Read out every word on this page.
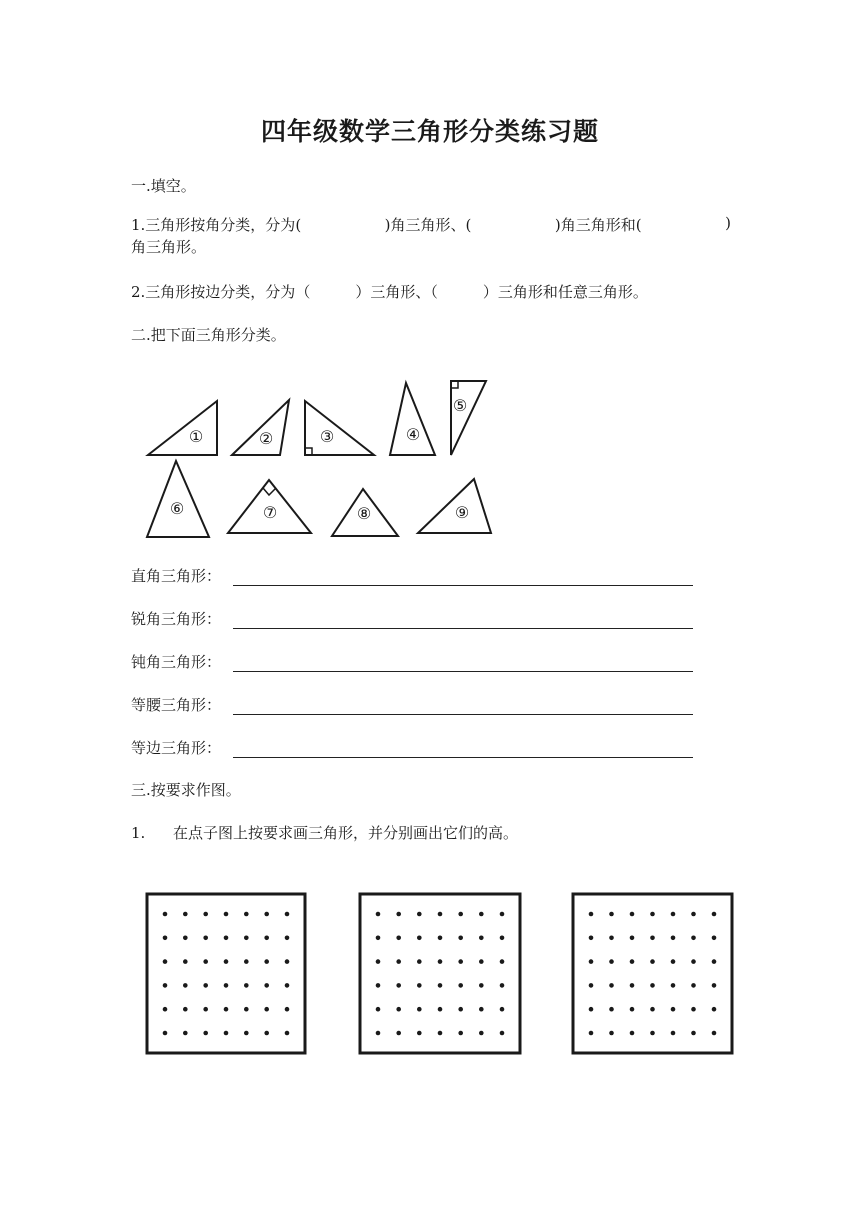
四年级数学三角形分类练习题
一.填空。
1.三角形按角分类，分为(	)角三角形、(	)角三角形和(	)
角三角形。
2.三角形按边分类，分为（　　　）三角形、（　　　）三角形和任意三角形。
二.把下面三角形分类。
①	②	③	④
⑤
⑥	⑦	⑧	⑨
直角三角形：
锐角三角形：
钝角三角形：
等腰三角形：
等边三角形：
三.按要求作图。
1. 在点子图上按要求画三角形，并分别画出它们的高。
